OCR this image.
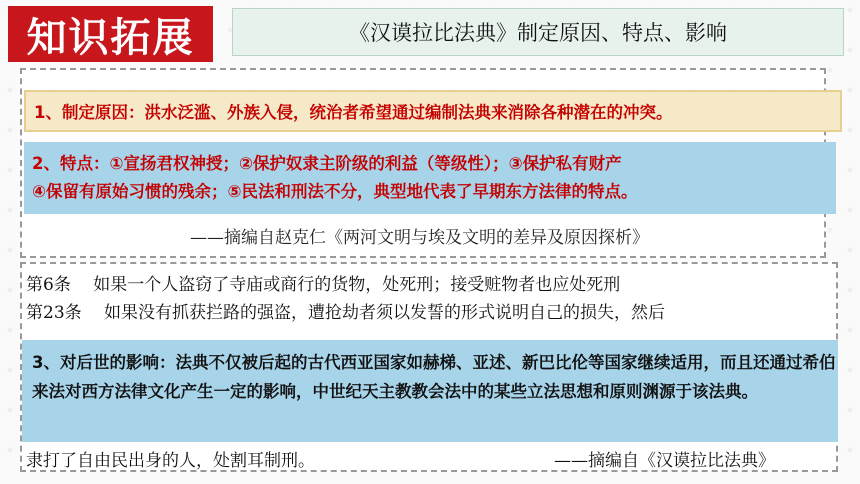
知识拓展	《汉谟拉比法典》制定原因、特点、影响
——摘编自赵克仁《两河文明与埃及文明的差异及原因探析》
1、制定原因：洪水泛滥、外族入侵，统治者希望通过编制法典来消除各种潜在的冲突。
2、特点：①宣扬君权神授；②保护奴隶主阶级的利益（等级性）；③保护私有财产
④保留有原始习惯的残余；⑤民法和刑法不分，典型地代表了早期东方法律的特点。
第6条　 如果一个人盗窃了寺庙或商行的货物，处死刑；接受赃物者也应处死刑
第23条　 如果没有抓获拦路的强盗，遭抢劫者须以发誓的形式说明自己的损失，然后
3、对后世的影响：法典不仅被后起的古代西亚国家如赫梯、亚述、新巴比伦等国家继续适用，而且还通过希伯来法对西方法律文化产生一定的影响，中世纪天主教教会法中的某些立法思想和原则渊源于该法典。
隶打了自由民出身的人，处割耳制刑。	——摘编自《汉谟拉比法典》
